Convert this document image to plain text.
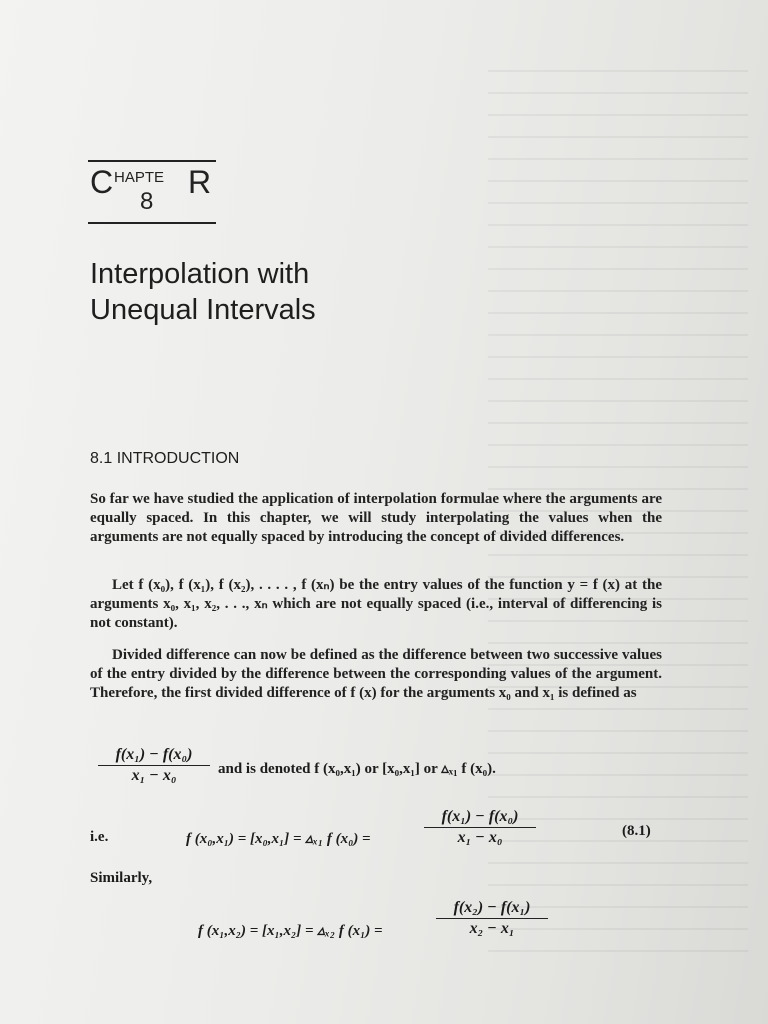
C HAPTE R
8
Interpolation with
Unequal Intervals
8.1 INTRODUCTION
So far we have studied the application of interpolation formulae where the arguments are equally spaced. In this chapter, we will study interpolating the values when the arguments are not equally spaced by introducing the concept of divided differences.
Let f (x₀), f (x₁), f (x₂), . . . . , f (xₙ) be the entry values of the function y = f (x) at the arguments x₀, x₁, x₂, . . ., xₙ which are not equally spaced (i.e., interval of differencing is not constant).
Divided difference can now be defined as the difference between two successive values of the entry divided by the difference between the corresponding values of the argument. Therefore, the first divided difference of f (x) for the arguments x₀ and x₁ is defined as
$\frac{\text{f(x₁) − f(x₀)}}{\text{x₁ − x₀}}$ and is denoted f (x₀,x₁) or [x₀,x₁] or ▵ₓ₁ f (x₀).
i.e.	f (x₀,x₁) = [x₀,x₁] = ▵ₓ₁ f (x₀) =	$\frac{\text{f(x₁) − f(x₀)}}{\text{x₁ − x₀}}$	(8.1)
Similarly,
f (x₁,x₂) = [x₁,x₂] = ▵ₓ₂ f (x₁) =	$\frac{\text{f(x₂) − f(x₁)}}{\text{x₂ − x₁}}$
